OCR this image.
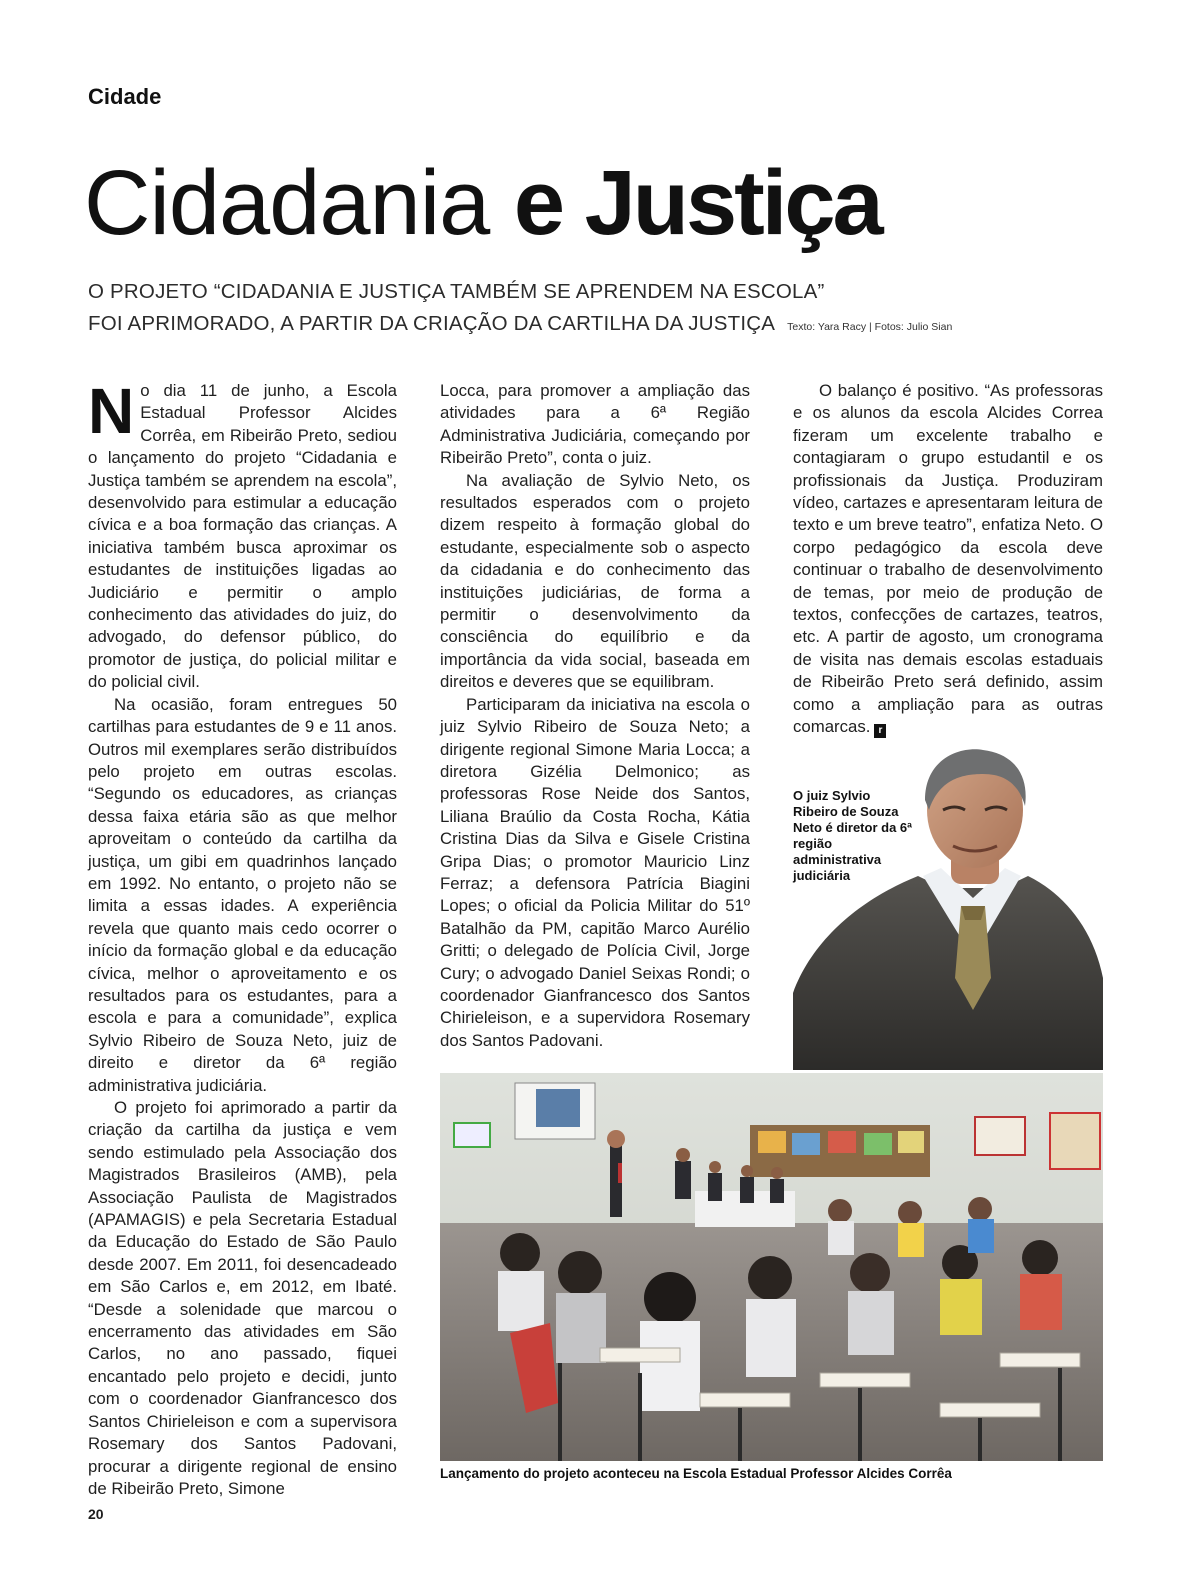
Cidade
Cidadania e Justiça
O PROJETO “CIDADANIA E JUSTIÇA TAMBÉM SE APRENDEM NA ESCOLA”
FOI APRIMORADO, A PARTIR DA CRIAÇÃO DA CARTILHA DA JUSTIÇA Texto: Yara Racy | Fotos: Julio Sian

No dia 11 de junho, a Escola Estadual Professor Alcides Corrêa, em Ribeirão Preto, sediou o lançamento do projeto “Cidadania e Justiça também se aprendem na escola”, desenvolvido para estimular a educação cívica e a boa formação das crianças. A iniciativa também busca aproximar os estudantes de instituições ligadas ao Judiciário e permitir o amplo conhecimento das atividades do juiz, do advogado, do defensor público, do promotor de justiça, do policial militar e do policial civil.

Na ocasião, foram entregues 50 cartilhas para estudantes de 9 e 11 anos. Outros mil exemplares serão distribuídos pelo projeto em outras escolas. “Segundo os educadores, as crianças dessa faixa etária são as que melhor aproveitam o conteúdo da cartilha da justiça, um gibi em quadrinhos lançado em 1992. No entanto, o projeto não se limita a essas idades. A experiência revela que quanto mais cedo ocorrer o início da formação global e da educação cívica, melhor o aproveitamento e os resultados para os estudantes, para a escola e para a comunidade”, explica Sylvio Ribeiro de Souza Neto, juiz de direito e diretor da 6ª região administrativa judiciária.

O projeto foi aprimorado a partir da criação da cartilha da justiça e vem sendo estimulado pela Associação dos Magistrados Brasileiros (AMB), pela Associação Paulista de Magistrados (APAMAGIS) e pela Secretaria Estadual da Educação do Estado de São Paulo desde 2007. Em 2011, foi desencadeado em São Carlos e, em 2012, em Ibaté. “Desde a solenidade que marcou o encerramento das atividades em São Carlos, no ano passado, fiquei encantado pelo projeto e decidi, junto com o coordenador Gianfrancesco dos Santos Chirieleison e com a supervisora Rosemary dos Santos Padovani, procurar a dirigente regional de ensino de Ribeirão Preto, Simone

Locca, para promover a ampliação das atividades para a 6ª Região Administrativa Judiciária, começando por Ribeirão Preto”, conta o juiz.

Na avaliação de Sylvio Neto, os resultados esperados com o projeto dizem respeito à formação global do estudante, especialmente sob o aspecto da cidadania e do conhecimento das instituições judiciárias, de forma a permitir o desenvolvimento da consciência do equilíbrio e da importância da vida social, baseada em direitos e deveres que se equilibram.

Participaram da iniciativa na escola o juiz Sylvio Ribeiro de Souza Neto; a dirigente regional Simone Maria Locca; a diretora Gizélia Delmonico; as professoras Rose Neide dos Santos, Liliana Braúlio da Costa Rocha, Kátia Cristina Dias da Silva e Gisele Cristina Gripa Dias; o promotor Mauricio Linz Ferraz; a defensora Patrícia Biagini Lopes; o oficial da Policia Militar do 51º Batalhão da PM, capitão Marco Aurélio Gritti; o delegado de Polícia Civil, Jorge Cury; o advogado Daniel Seixas Rondi; o coordenador Gianfrancesco dos Santos Chirieleison, e a supervidora Rosemary dos Santos Padovani.

O balanço é positivo. “As professoras e os alunos da escola Alcides Correa fizeram um excelente trabalho e contagiaram o grupo estudantil e os profissionais da Justiça. Produziram vídeo, cartazes e apresentaram leitura de texto e um breve teatro”, enfatiza Neto. O corpo pedagógico da escola deve continuar o trabalho de desenvolvimento de temas, por meio de produção de textos, confecções de cartazes, teatros, etc. A partir de agosto, um cronograma de visita nas demais escolas estaduais de Ribeirão Preto será definido, assim como a ampliação para as outras comarcas. r

O juiz Sylvio Ribeiro de Souza Neto é diretor da 6ª região administrativa judiciária
Lançamento do projeto aconteceu na Escola Estadual Professor Alcides Corrêa
20
